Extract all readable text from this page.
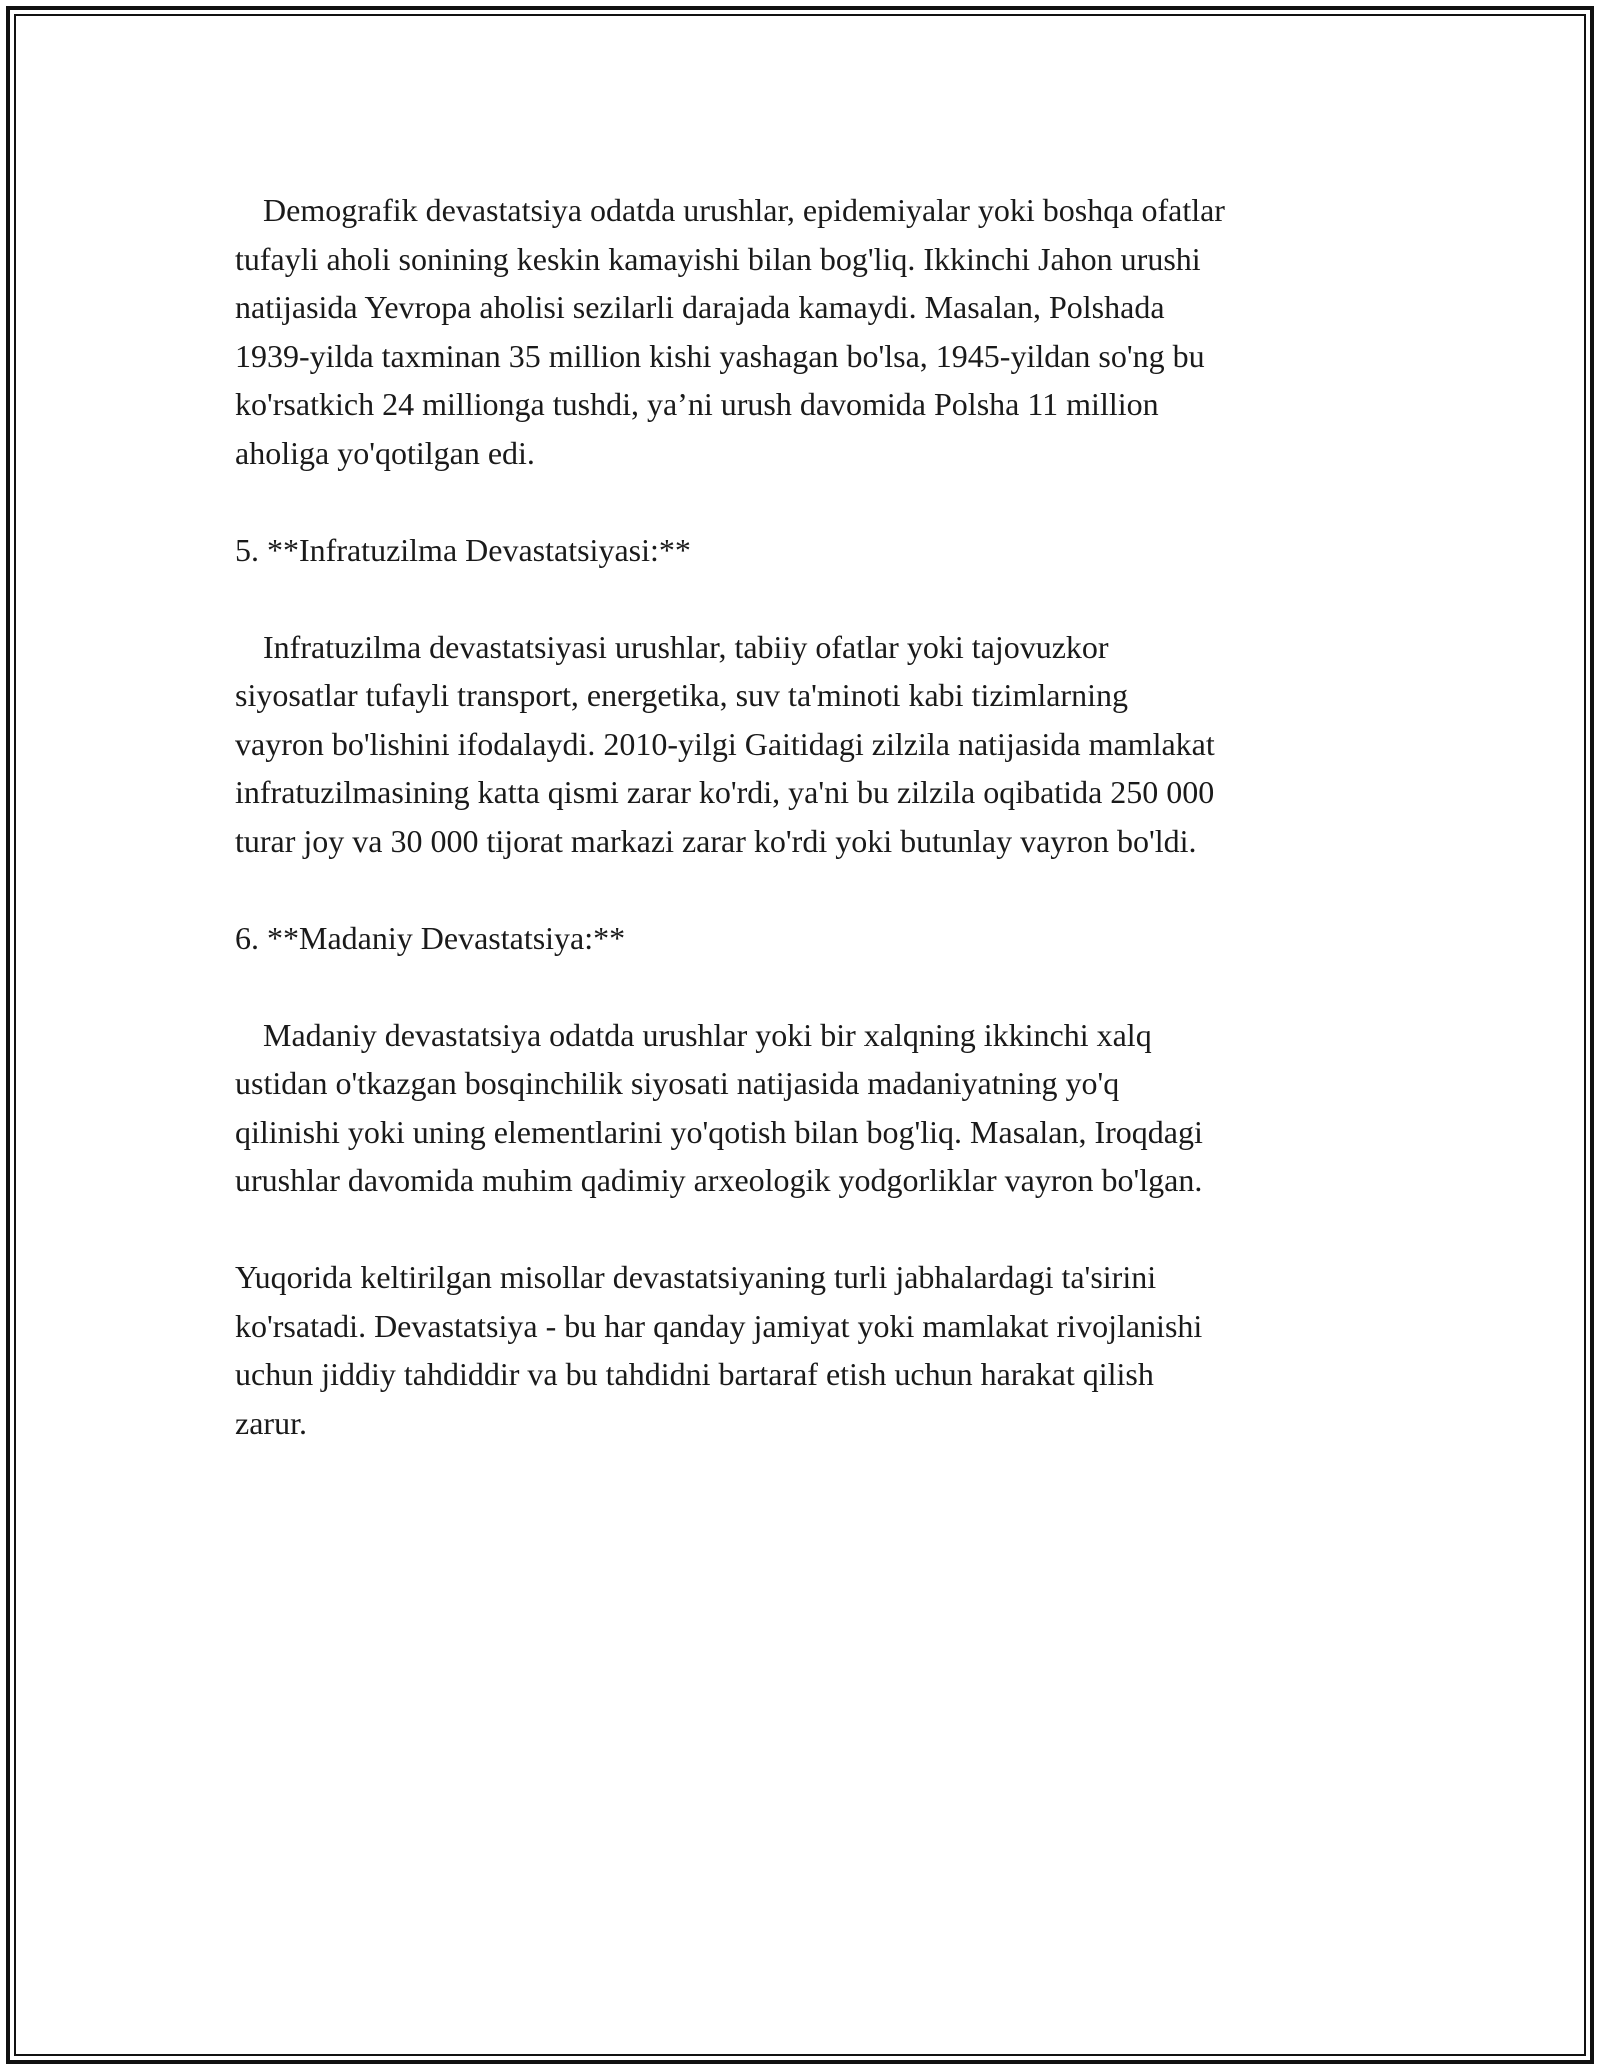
Demografik devastatsiya odatda urushlar, epidemiyalar yoki boshqa ofatlar
tufayli aholi sonining keskin kamayishi bilan bog'liq. Ikkinchi Jahon urushi
natijasida Yevropa aholisi sezilarli darajada kamaydi. Masalan, Polshada
1939-yilda taxminan 35 million kishi yashagan bo'lsa, 1945-yildan so'ng bu
ko'rsatkich 24 millionga tushdi, ya’ni urush davomida Polsha 11 million
aholiga yo'qotilgan edi.

5. **Infratuzilma Devastatsiyasi:**

Infratuzilma devastatsiyasi urushlar, tabiiy ofatlar yoki tajovuzkor
siyosatlar tufayli transport, energetika, suv ta'minoti kabi tizimlarning
vayron bo'lishini ifodalaydi. 2010-yilgi Gaitidagi zilzila natijasida mamlakat
infratuzilmasining katta qismi zarar ko'rdi, ya'ni bu zilzila oqibatida 250 000
turar joy va 30 000 tijorat markazi zarar ko'rdi yoki butunlay vayron bo'ldi.

6. **Madaniy Devastatsiya:**

Madaniy devastatsiya odatda urushlar yoki bir xalqning ikkinchi xalq
ustidan o'tkazgan bosqinchilik siyosati natijasida madaniyatning yo'q
qilinishi yoki uning elementlarini yo'qotish bilan bog'liq. Masalan, Iroqdagi
urushlar davomida muhim qadimiy arxeologik yodgorliklar vayron bo'lgan.

Yuqorida keltirilgan misollar devastatsiyaning turli jabhalardagi ta'sirini
ko'rsatadi. Devastatsiya - bu har qanday jamiyat yoki mamlakat rivojlanishi
uchun jiddiy tahdiddir va bu tahdidni bartaraf etish uchun harakat qilish
zarur.
